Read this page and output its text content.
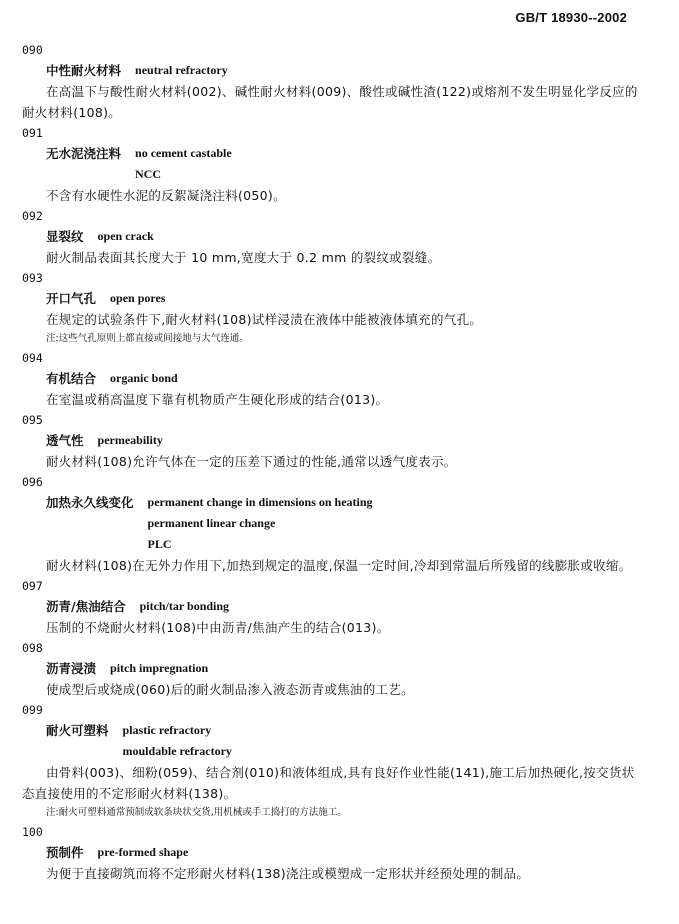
GB/T 18930--2002
090
中性耐火材料 neutral refractory
在高温下与酸性耐火材料(002)、碱性耐火材料(009)、酸性或碱性渣(122)或熔剂不发生明显化学反应的耐火材料(108)。
091
无水泥浇注料 no cement castable
NCC
不含有水硬性水泥的反絮凝浇注料(050)。
092
显裂纹 open crack
耐火制品表面其长度大于 10 mm,宽度大于 0.2 mm 的裂纹或裂缝。
093
开口气孔 open pores
在规定的试验条件下,耐火材料(108)试样浸渍在液体中能被液体填充的气孔。
注:这些气孔原则上都直接或间接地与大气连通。
094
有机结合 organic bond
在室温或稍高温度下靠有机物质产生硬化形成的结合(013)。
095
透气性 permeability
耐火材料(108)允许气体在一定的压差下通过的性能,通常以透气度表示。
096
加热永久线变化 permanent change in dimensions on heating
permanent linear change
PLC
耐火材料(108)在无外力作用下,加热到规定的温度,保温一定时间,冷却到常温后所残留的线膨胀或收缩。
097
沥青/焦油结合 pitch/tar bonding
压制的不烧耐火材料(108)中由沥青/焦油产生的结合(013)。
098
沥青浸渍 pitch impregnation
使成型后或烧成(060)后的耐火制品渗入液态沥青或焦油的工艺。
099
耐火可塑料 plastic refractory
mouldable refractory
由骨料(003)、细粉(059)、结合剂(010)和液体组成,具有良好作业性能(141),施工后加热硬化,按交货状态直接使用的不定形耐火材料(138)。
注:耐火可塑料通常预制成软条块状交货,用机械或手工捣打的方法施工。
100
预制件 pre-formed shape
为便于直接砌筑而将不定形耐火材料(138)浇注或模塑成一定形状并经预处理的制品。
